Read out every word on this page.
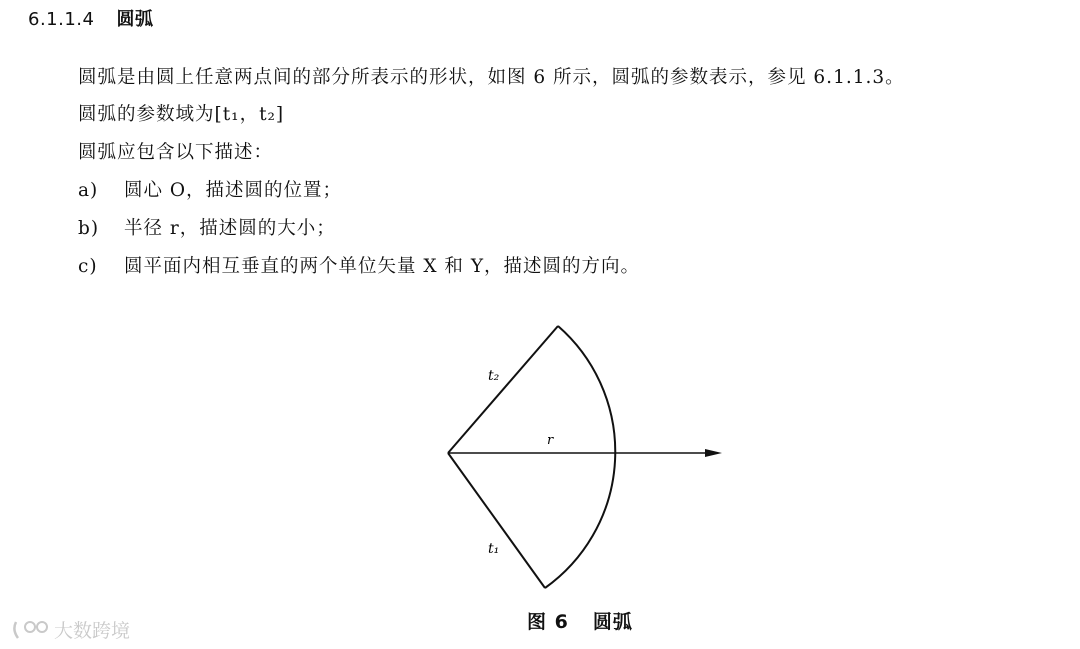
6.1.1.4 圆弧
圆弧是由圆上任意两点间的部分所表示的形状，如图 6 所示，圆弧的参数表示，参见 6.1.1.3。
圆弧的参数域为[t₁，t₂]
圆弧应包含以下描述：
a) 圆心 O，描述圆的位置；
b) 半径 r，描述圆的大小；
c) 圆平面内相互垂直的两个单位矢量 X 和 Y，描述圆的方向。
t₂
r
t₁
图 6 圆弧
大数跨境
